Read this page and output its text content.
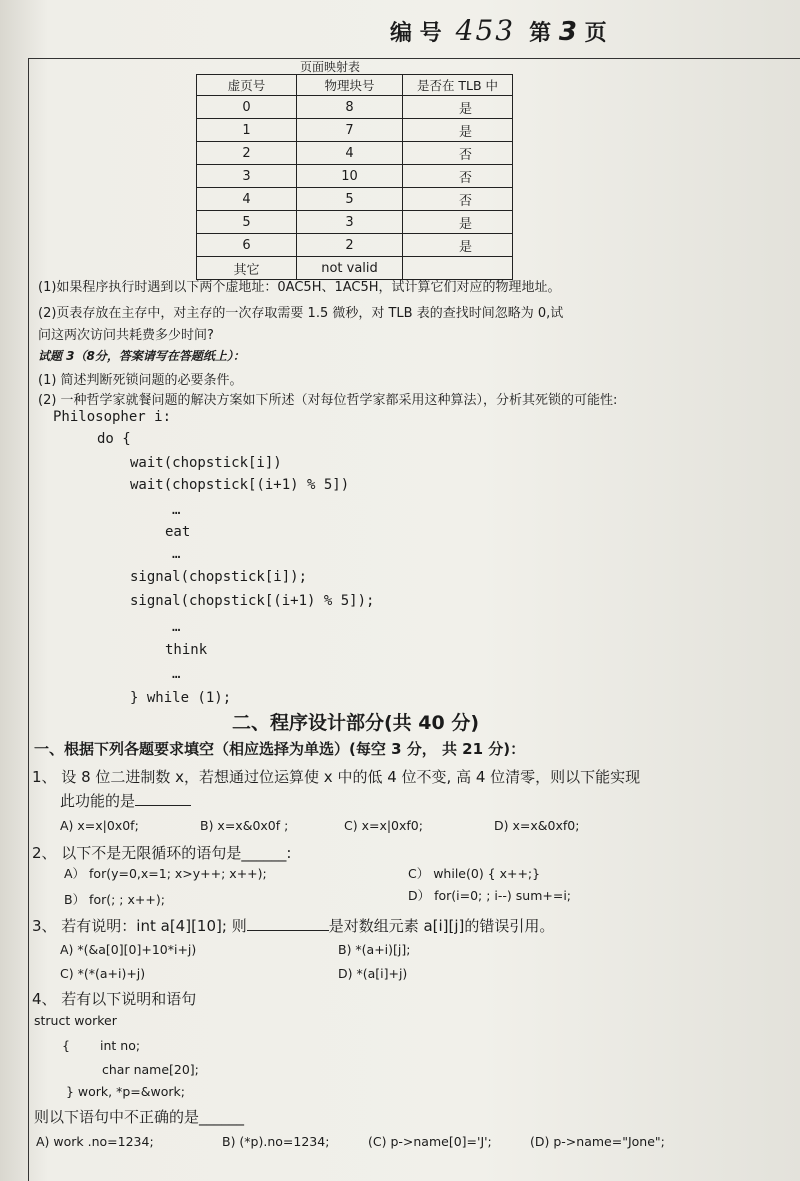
编 号 453 第 3 页
页面映射表
虚页号	物理块号	是否在 TLB 中
0	8	是
1	7	是
2	4	否
3	10	否
4	5	否
5	3	是
6	2	是
其它	not valid	
(1)如果程序执行时遇到以下两个虚地址：0AC5H、1AC5H，试计算它们对应的物理地址。
(2)页表存放在主存中，对主存的一次存取需要 1.5 微秒，对 TLB 表的查找时间忽略为 0,试
问这两次访问共耗费多少时间?
试题 3（8分，答案请写在答题纸上）：
(1) 简述判断死锁问题的必要条件。
(2) 一种哲学家就餐问题的解决方案如下所述（对每位哲学家都采用这种算法），分析其死锁的可能性:
Philosopher i:
do {
wait(chopstick[i])
wait(chopstick[(i+1) % 5])
…
eat
…
signal(chopstick[i]);
signal(chopstick[(i+1) % 5]);
…
think
…
} while (1);
二、程序设计部分(共 40 分)
一、根据下列各题要求填空（相应选择为单选）(每空 3 分， 共 21 分)：
1、 设 8 位二进制数 x，若想通过位运算使 x 中的低 4 位不变, 高 4 位清零，则以下能实现
此功能的是
A) x=x|0x0f;	B) x=x&0x0f ;	C) x=x|0xf0;	D) x=x&0xf0;
2、 以下不是无限循环的语句是______:
A） for(y=0,x=1; x>y++; x++);	C） while(0) { x++;}
B） for(; ; x++);	D） for(i=0; ; i--) sum+=i;
3、 若有说明：int a[4][10]; 则	是对数组元素 a[i][j]的错误引用。
A) *(&a[0][0]+10*i+j)	B) *(a+i)[j];
C) *(*(a+i)+j)	D) *(a[i]+j)
4、 若有以下说明和语句
struct worker
{ int no;
char name[20];
} work, *p=&work;
则以下语句中不正确的是______
A) work .no=1234;	B) (*p).no=1234;	(C) p->name[0]='J';	(D) p->name="Jone";
